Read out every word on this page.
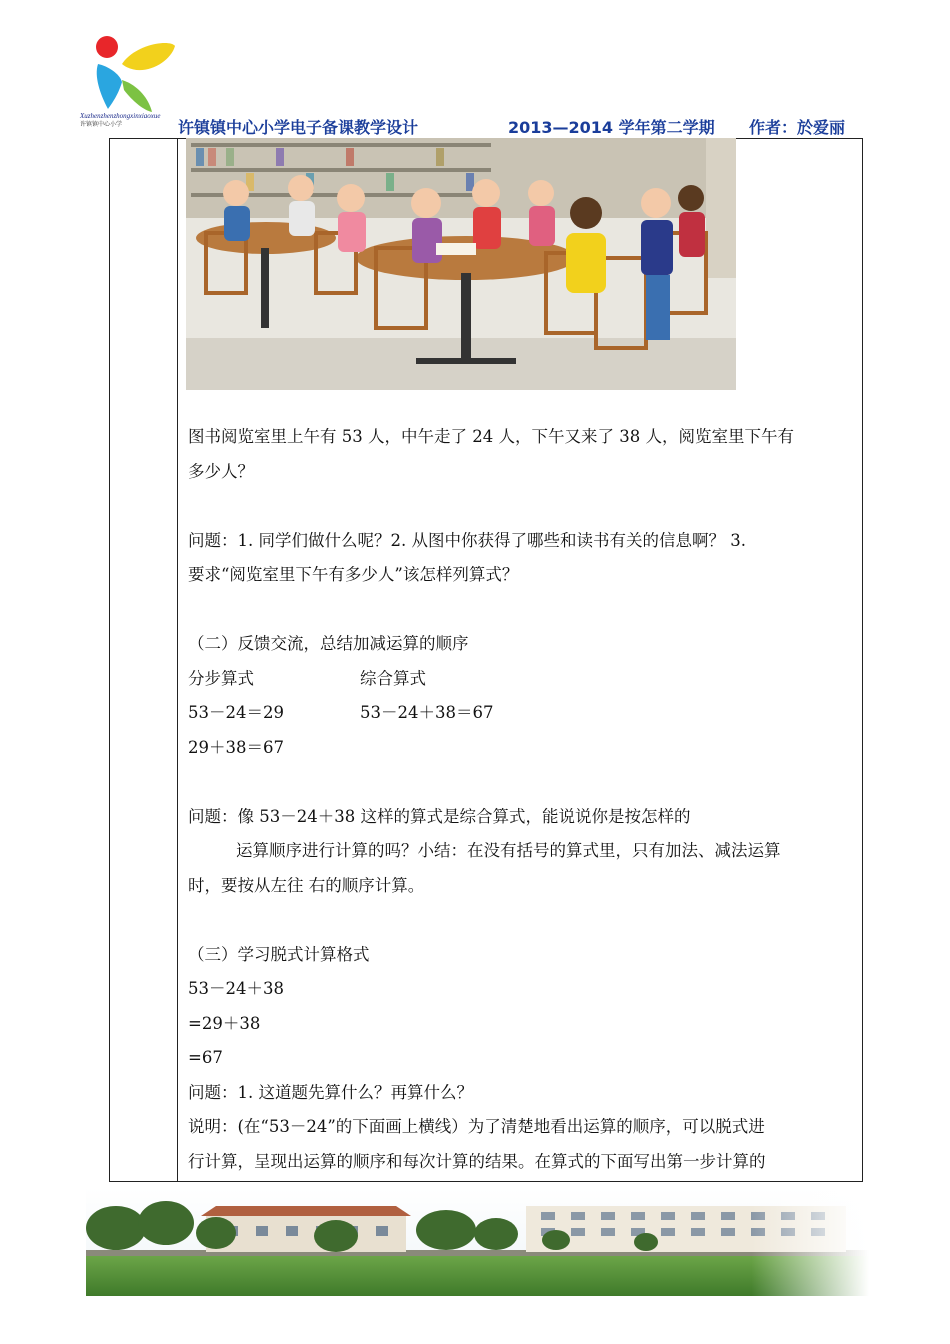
Xuzhenzhenzhongxinxiaoxue
许镇镇中心小学	许镇镇中心小学电子备课教学设计	2013—2014 学年第二学期 作者：於爱丽

图书阅览室里上午有 53 人，中午走了 24 人，下午又来了 38 人，阅览室里下午有

多少人？

问题：1. 同学们做什么呢？2. 从图中你获得了哪些和读书有关的信息啊？ 3.

要求“阅览室里下午有多少人”该怎样列算式？

（二）反馈交流，总结加减运算的顺序

分步算式	综合算式

53－24＝29	53－24＋38＝67

29＋38＝67

问题：像 53－24＋38 这样的算式是综合算式，能说说你是按怎样的

运算顺序进行计算的吗？小结：在没有括号的算式里，只有加法、减法运算

时，要按从左往 右的顺序计算。

（三）学习脱式计算格式

53－24＋38

=29＋38

=67

问题：1. 这道题先算什么？再算什么？

说明：(在“53－24”的下面画上横线）为了清楚地看出运算的顺序，可以脱式进

行计算，呈现出运算的顺序和每次计算的结果。在算式的下面写出第一步计算的
